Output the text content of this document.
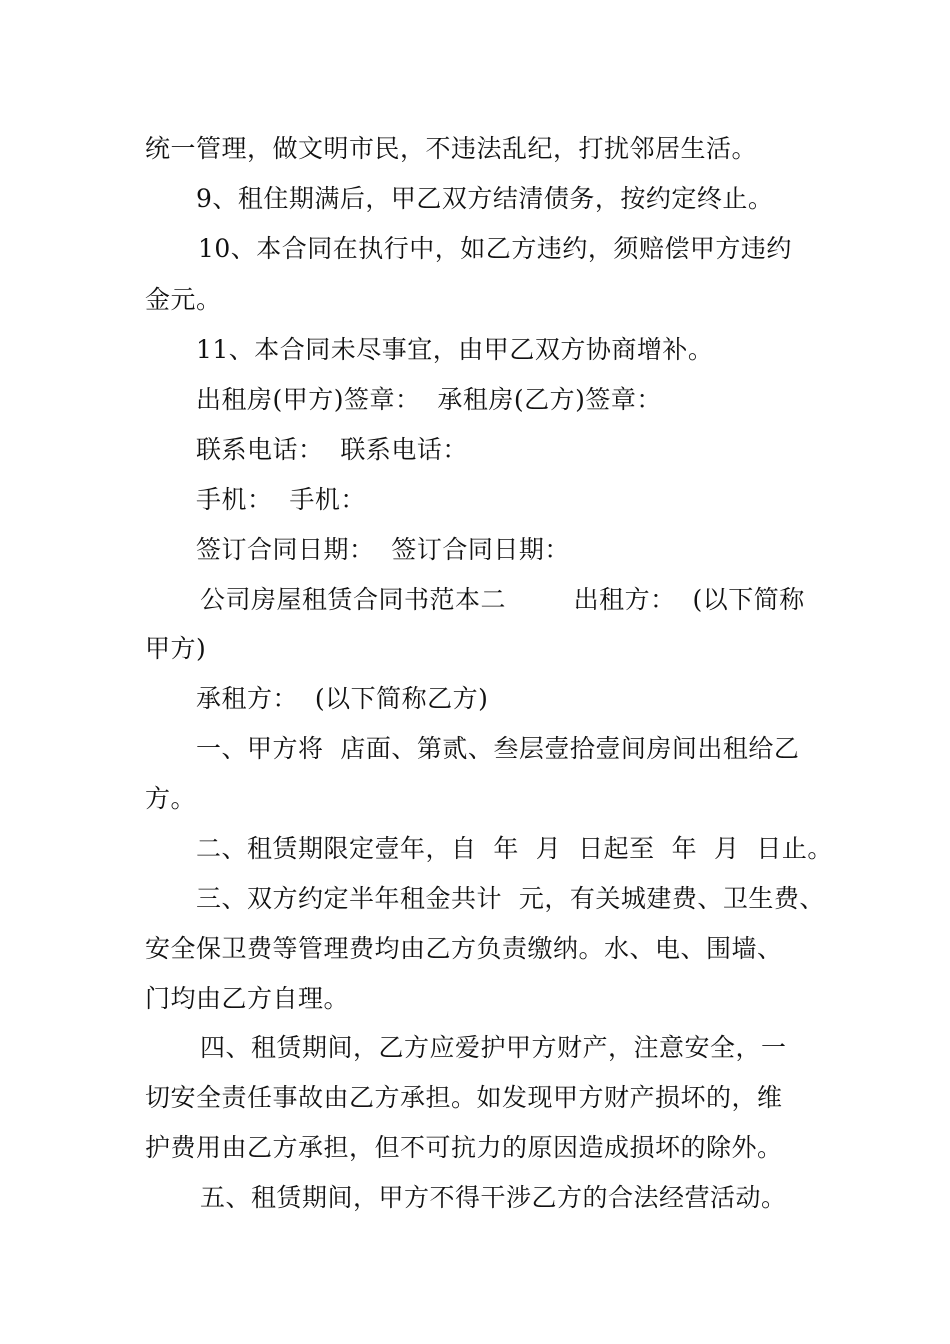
统一管理，做文明市民，不违法乱纪，打扰邻居生活。
9、租住期满后，甲乙双方结清债务，按约定终止。
10、本合同在执行中，如乙方违约，须赔偿甲方违约
金元。
11、本合同未尽事宜，由甲乙双方协商增补。
出租房(甲方)签章：  承租房(乙方)签章：
联系电话：  联系电话：
手机：  手机：
签订合同日期：  签订合同日期：
公司房屋租赁合同书范本二        出租方：  (以下简称
甲方)
承租方：  (以下简称乙方)
一、甲方将  店面、第贰、叁层壹拾壹间房间出租给乙
方。
二、租赁期限定壹年，自  年  月  日起至  年  月  日止。
三、双方约定半年租金共计  元，有关城建费、卫生费、
安全保卫费等管理费均由乙方负责缴纳。水、电、围墙、
门均由乙方自理。
四、租赁期间，乙方应爱护甲方财产，注意安全，一
切安全责任事故由乙方承担。如发现甲方财产损坏的，维
护费用由乙方承担，但不可抗力的原因造成损坏的除外。
五、租赁期间，甲方不得干涉乙方的合法经营活动。
